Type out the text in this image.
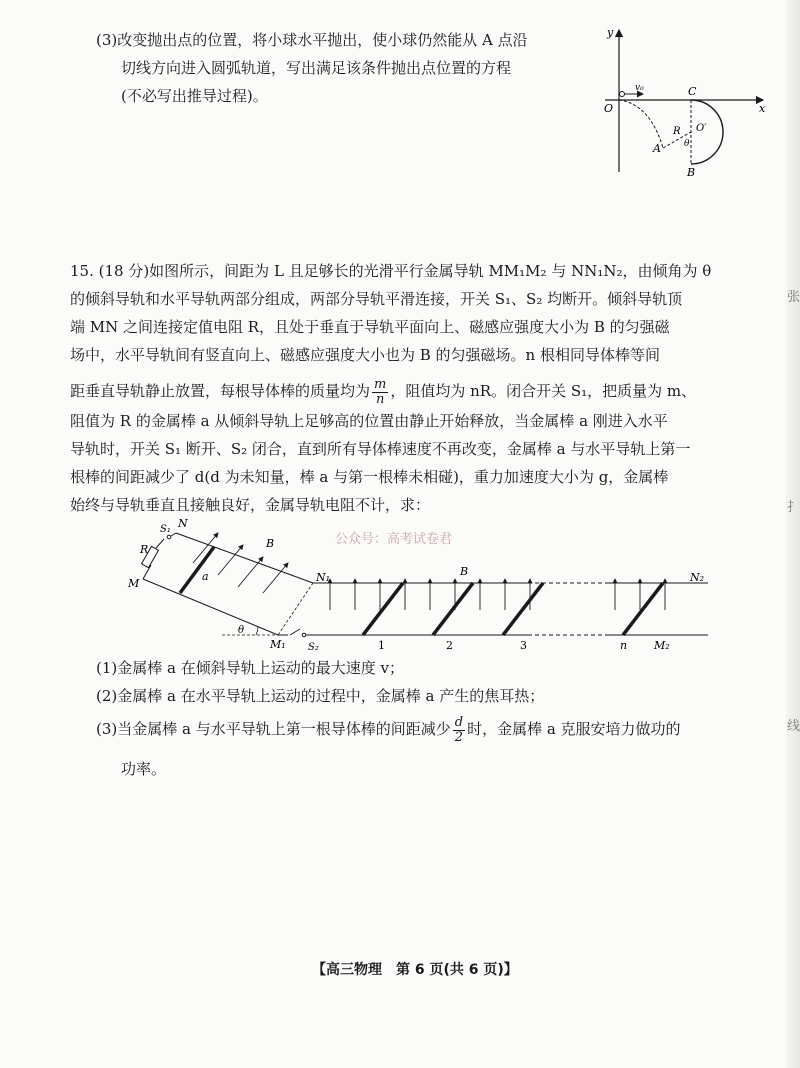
张
扌
线
(3)改变抛出点的位置，将小球水平抛出，使小球仍然能从 A 点沿
切线方向进入圆弧轨道，写出满足该条件抛出点位置的方程
(不必写出推导过程)。
y
x
O
v₀	C
R O′
A	θ
B
15. (18 分)如图所示，间距为 L 且足够长的光滑平行金属导轨 MM₁M₂ 与 NN₁N₂，由倾角为 θ
的倾斜导轨和水平导轨两部分组成，两部分导轨平滑连接，开关 S₁、S₂ 均断开。倾斜导轨顶
端 MN 之间连接定值电阻 R，且处于垂直于导轨平面向上、磁感应强度大小为 B 的匀强磁
场中，水平导轨间有竖直向上、磁感应强度大小也为 B 的匀强磁场。n 根相同导体棒等间
距垂直导轨静止放置，每根导体棒的质量均为 $\frac{m}{n}$ ，阻值均为 nR。闭合开关 S₁，把质量为 m、
阻值为 R 的金属棒 a 从倾斜导轨上足够高的位置由静止开始释放，当金属棒 a 刚进入水平
导轨时，开关 S₁ 断开、S₂ 闭合，直到所有导体棒速度不再改变，金属棒 a 与水平导轨上第一
根棒的间距减少了 d(d 为未知量，棒 a 与第一根棒未相碰)，重力加速度大小为 g，金属棒
始终与导轨垂直且接触良好，金属导轨电阻不计，求：
公众号：高考试卷君
S₁ N
R
M
a
B
N₁	B	N₂
θ
M₁ S₂	1	2	3	n M₂
(1)金属棒 a 在倾斜导轨上运动的最大速度 v；
(2)金属棒 a 在水平导轨上运动的过程中，金属棒 a 产生的焦耳热；
(3)当金属棒 a 与水平导轨上第一根导体棒的间距减少 $\frac{d}{2}$ 时，金属棒 a 克服安培力做功的
功率。
【高三物理　第 6 页(共 6 页)】
